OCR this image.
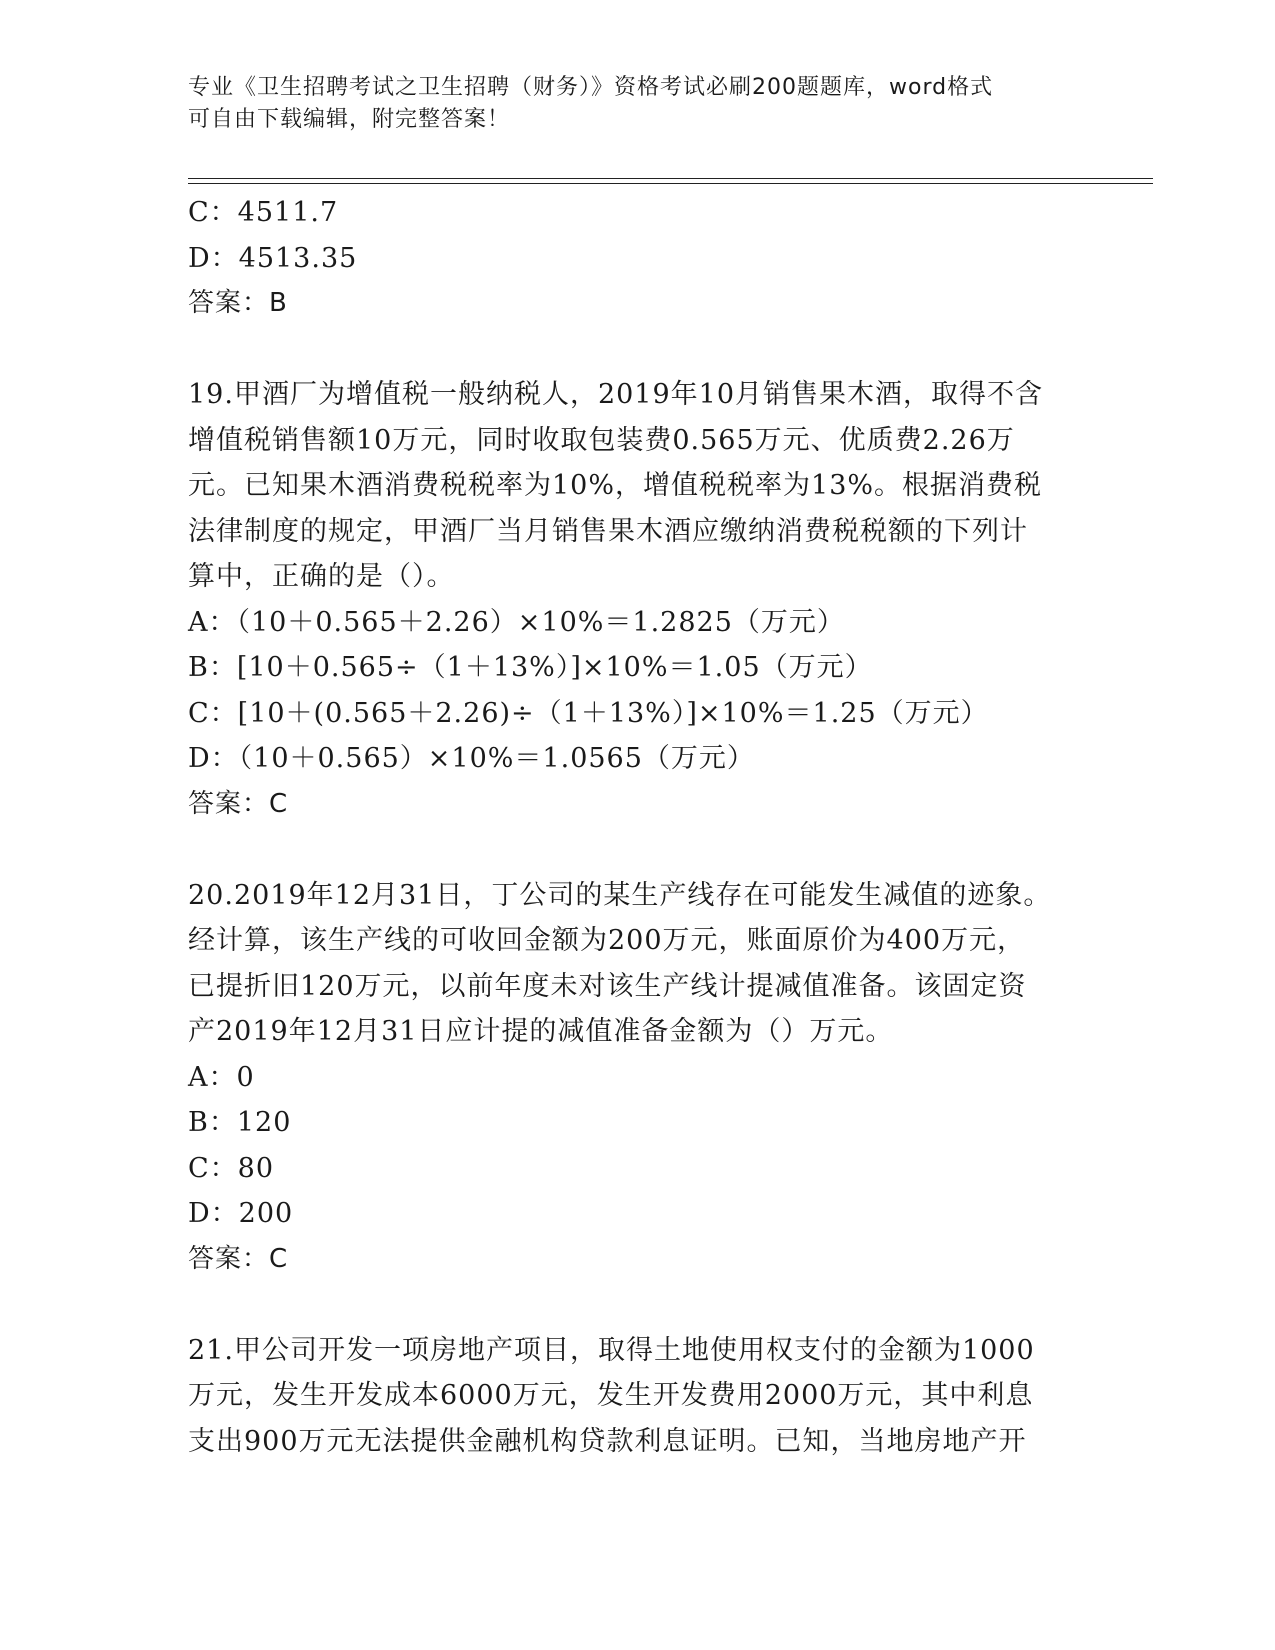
专业《卫生招聘考试之卫生招聘（财务）》资格考试必刷200题题库，word格式
可自由下载编辑，附完整答案！
C：4511.7
D：4513.35
答案：B
19.甲酒厂为增值税一般纳税人，2019年10月销售果木酒，取得不含
增值税销售额10万元，同时收取包装费0.565万元、优质费2.26万
元。已知果木酒消费税税率为10%，增值税税率为13%。根据消费税
法律制度的规定，甲酒厂当月销售果木酒应缴纳消费税税额的下列计
算中，正确的是（）。
A：（10＋0.565＋2.26）×10%＝1.2825（万元）
B：[10＋0.565÷（1＋13%）]×10%＝1.05（万元）
C：[10＋(0.565＋2.26)÷（1＋13%）]×10%＝1.25（万元）
D：（10＋0.565）×10%＝1.0565（万元）
答案：C
20.2019年12月31日，丁公司的某生产线存在可能发生减值的迹象。
经计算，该生产线的可收回金额为200万元，账面原价为400万元，
已提折旧120万元，以前年度未对该生产线计提减值准备。该固定资
产2019年12月31日应计提的减值准备金额为（）万元。
A：0
B：120
C：80
D：200
答案：C
21.甲公司开发一项房地产项目，取得土地使用权支付的金额为1000
万元，发生开发成本6000万元，发生开发费用2000万元，其中利息
支出900万元无法提供金融机构贷款利息证明。已知，当地房地产开
